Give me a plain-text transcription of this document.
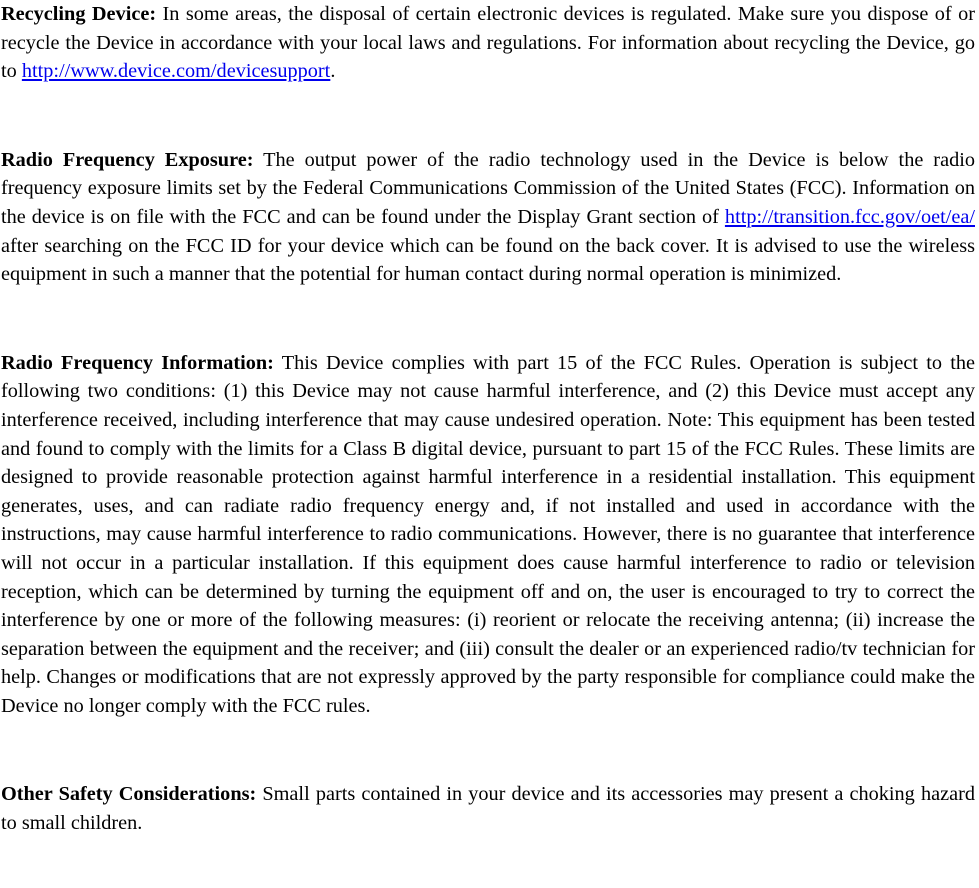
Recycling Device: In some areas, the disposal of certain electronic devices is regulated. Make sure you dispose of or recycle the Device in accordance with your local laws and regulations. For information about recycling the Device, go to http://www.device.com/devicesupport.

Radio Frequency Exposure: The output power of the radio technology used in the Device is below the radio frequency exposure limits set by the Federal Communications Commission of the United States (FCC). Information on the device is on file with the FCC and can be found under the Display Grant section of http://transition.fcc.gov/oet/ea/ after searching on the FCC ID for your device which can be found on the back cover. It is advised to use the wireless equipment in such a manner that the potential for human contact during normal operation is minimized.

Radio Frequency Information: This Device complies with part 15 of the FCC Rules. Operation is subject to the following two conditions: (1) this Device may not cause harmful interference, and (2) this Device must accept any interference received, including interference that may cause undesired operation. Note: This equipment has been tested and found to comply with the limits for a Class B digital device, pursuant to part 15 of the FCC Rules. These limits are designed to provide reasonable protection against harmful interference in a residential installation. This equipment generates, uses, and can radiate radio frequency energy and, if not installed and used in accordance with the instructions, may cause harmful interference to radio communications. However, there is no guarantee that interference will not occur in a particular installation. If this equipment does cause harmful interference to radio or television reception, which can be determined by turning the equipment off and on, the user is encouraged to try to correct the interference by one or more of the following measures: (i) reorient or relocate the receiving antenna; (ii) increase the separation between the equipment and the receiver; and (iii) consult the dealer or an experienced radio/tv technician for help. Changes or modifications that are not expressly approved by the party responsible for compliance could make the Device no longer comply with the FCC rules.

Other Safety Considerations: Small parts contained in your device and its accessories may present a choking hazard to small children.
